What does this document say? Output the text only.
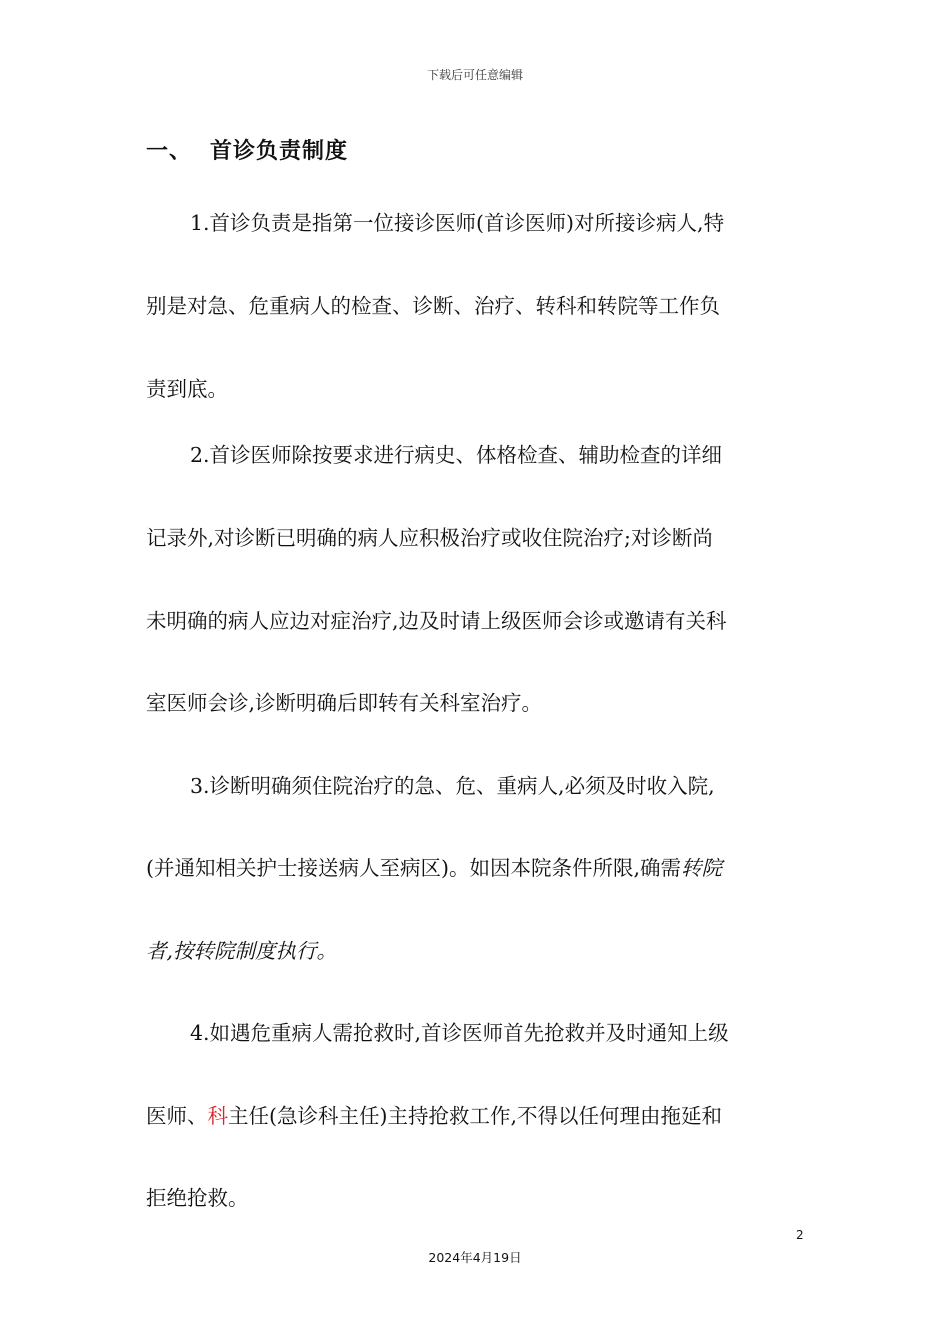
下载后可任意编辑
一、 首诊负责制度
1.首诊负责是指第一位接诊医师(首诊医师)对所接诊病人,特
别是对急、危重病人的检查、诊断、治疗、转科和转院等工作负
责到底。
2.首诊医师除按要求进行病史、体格检查、辅助检查的详细
记录外,对诊断已明确的病人应积极治疗或收住院治疗;对诊断尚
未明确的病人应边对症治疗,边及时请上级医师会诊或邀请有关科
室医师会诊,诊断明确后即转有关科室治疗。
3.诊断明确须住院治疗的急、危、重病人,必须及时收入院,
(并通知相关护士接送病人至病区)。如因本院条件所限,确需转院
者,按转院制度执行。
4.如遇危重病人需抢救时,首诊医师首先抢救并及时通知上级
医师、科主任(急诊科主任)主持抢救工作,不得以任何理由拖延和
拒绝抢救。
2
2024年4月19日
